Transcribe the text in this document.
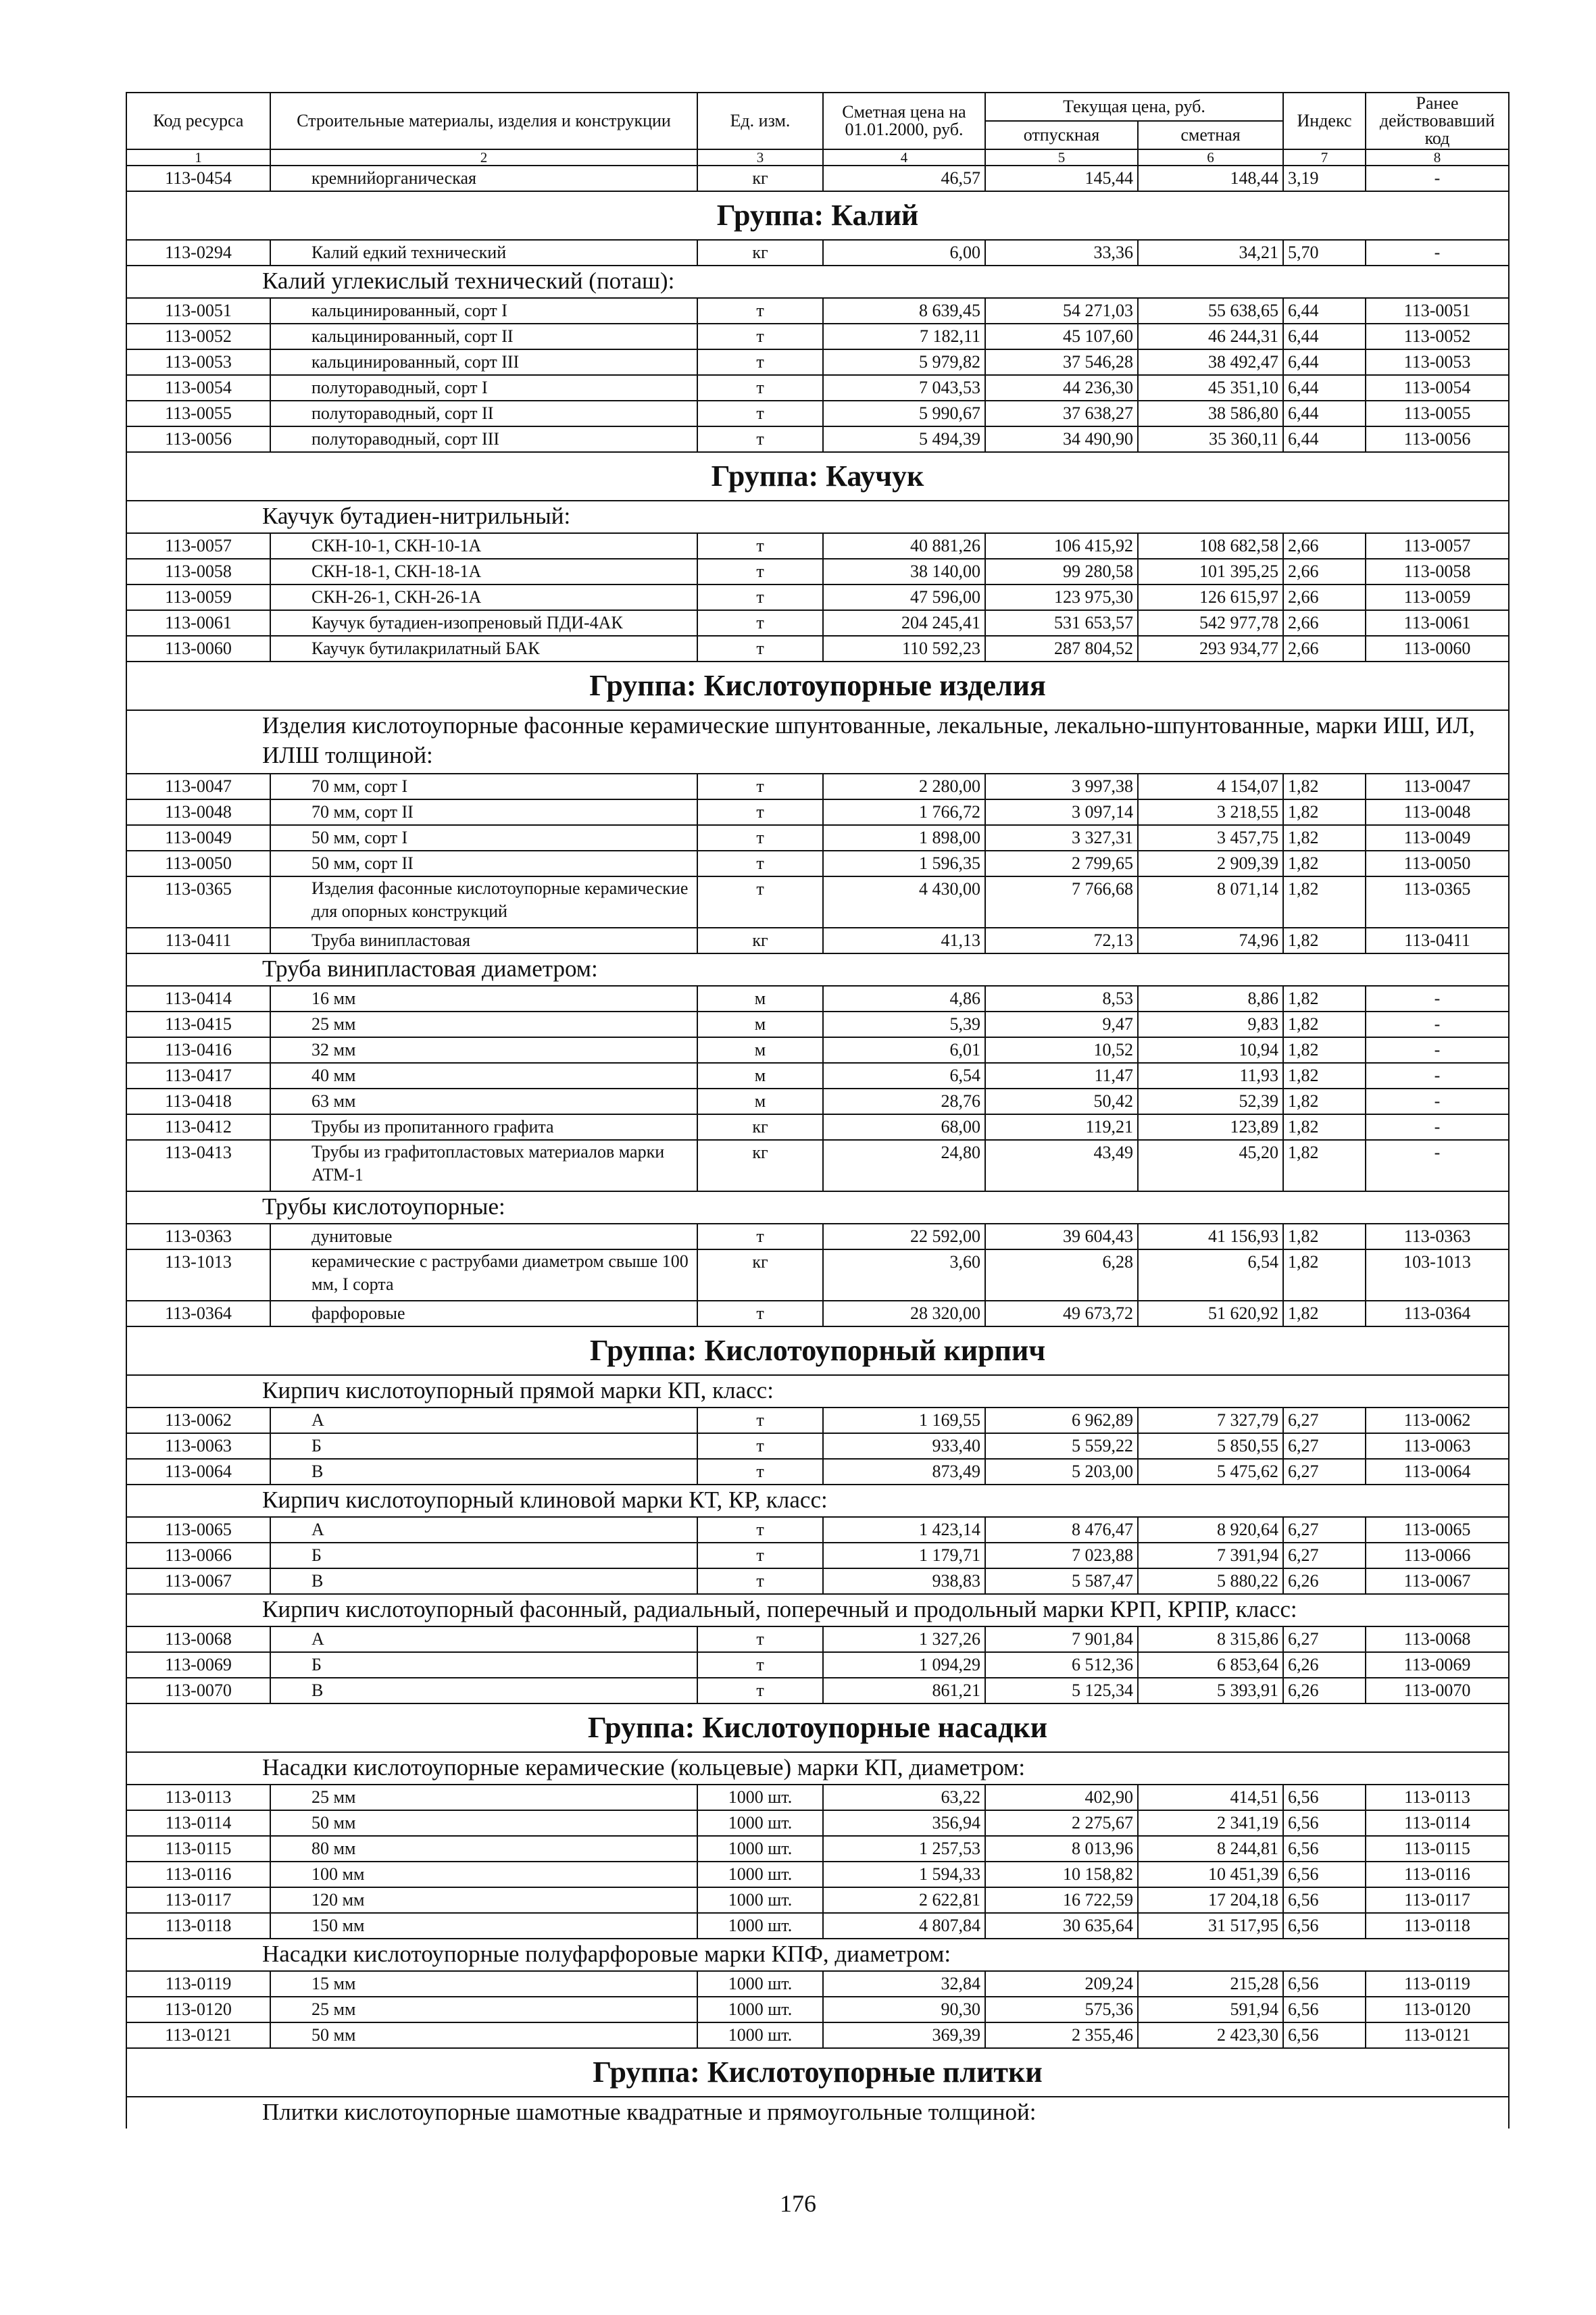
Код ресурса	Строительные материалы, изделия и конструкции	Ед. изм.	Сметная цена на 01.01.2000, руб.	Текущая цена, руб.		Индекс	Ранее действовавший код
				отпускная	сметная		
1	2	3	4	5	6	7	8
113-0454	кремнийорганическая	кг	46,57	145,44	148,44	3,19	-
Группа: Калий							
113-0294	Калий едкий технический	кг	6,00	33,36	34,21	5,70	-
Калий углекислый технический (поташ):							
113-0051	кальцинированный, сорт I	т	8 639,45	54 271,03	55 638,65	6,44	113-0051
113-0052	кальцинированный, сорт II	т	7 182,11	45 107,60	46 244,31	6,44	113-0052
113-0053	кальцинированный, сорт III	т	5 979,82	37 546,28	38 492,47	6,44	113-0053
113-0054	полутораводный, сорт I	т	7 043,53	44 236,30	45 351,10	6,44	113-0054
113-0055	полутораводный, сорт II	т	5 990,67	37 638,27	38 586,80	6,44	113-0055
113-0056	полутораводный, сорт III	т	5 494,39	34 490,90	35 360,11	6,44	113-0056
Группа: Каучук							
Каучук бутадиен-нитрильный:							
113-0057	СКН-10-1, СКН-10-1А	т	40 881,26	106 415,92	108 682,58	2,66	113-0057
113-0058	СКН-18-1, СКН-18-1А	т	38 140,00	99 280,58	101 395,25	2,66	113-0058
113-0059	СКН-26-1, СКН-26-1А	т	47 596,00	123 975,30	126 615,97	2,66	113-0059
113-0061	Каучук бутадиен-изопреновый ПДИ-4АК	т	204 245,41	531 653,57	542 977,78	2,66	113-0061
113-0060	Каучук бутилакрилатный БАК	т	110 592,23	287 804,52	293 934,77	2,66	113-0060
Группа: Кислотоупорные изделия							
Изделия кислотоупорные фасонные керамические шпунтованные, лекальные, лекально-шпунтованные, марки ИШ, ИЛ, ИЛШ толщиной:							
113-0047	70 мм, сорт I	т	2 280,00	3 997,38	4 154,07	1,82	113-0047
113-0048	70 мм, сорт II	т	1 766,72	3 097,14	3 218,55	1,82	113-0048
113-0049	50 мм, сорт I	т	1 898,00	3 327,31	3 457,75	1,82	113-0049
113-0050	50 мм, сорт II	т	1 596,35	2 799,65	2 909,39	1,82	113-0050
113-0365	Изделия фасонные кислотоупорные керамические для опорных конструкций	т	4 430,00	7 766,68	8 071,14	1,82	113-0365
113-0411	Труба винипластовая	кг	41,13	72,13	74,96	1,82	113-0411
Труба винипластовая диаметром:							
113-0414	16 мм	м	4,86	8,53	8,86	1,82	-
113-0415	25 мм	м	5,39	9,47	9,83	1,82	-
113-0416	32 мм	м	6,01	10,52	10,94	1,82	-
113-0417	40 мм	м	6,54	11,47	11,93	1,82	-
113-0418	63 мм	м	28,76	50,42	52,39	1,82	-
113-0412	Трубы из пропитанного графита	кг	68,00	119,21	123,89	1,82	-
113-0413	Трубы из графитопластовых материалов марки АТМ-1	кг	24,80	43,49	45,20	1,82	-
Трубы кислотоупорные:							
113-0363	дунитовые	т	22 592,00	39 604,43	41 156,93	1,82	113-0363
113-1013	керамические с раструбами диаметром свыше 100 мм, I сорта	кг	3,60	6,28	6,54	1,82	103-1013
113-0364	фарфоровые	т	28 320,00	49 673,72	51 620,92	1,82	113-0364
Группа: Кислотоупорный кирпич							
Кирпич кислотоупорный прямой марки КП, класс:							
113-0062	А	т	1 169,55	6 962,89	7 327,79	6,27	113-0062
113-0063	Б	т	933,40	5 559,22	5 850,55	6,27	113-0063
113-0064	В	т	873,49	5 203,00	5 475,62	6,27	113-0064
Кирпич кислотоупорный клиновой марки КТ, КР, класс:							
113-0065	А	т	1 423,14	8 476,47	8 920,64	6,27	113-0065
113-0066	Б	т	1 179,71	7 023,88	7 391,94	6,27	113-0066
113-0067	В	т	938,83	5 587,47	5 880,22	6,26	113-0067
Кирпич кислотоупорный фасонный, радиальный, поперечный и продольный марки КРП, КРПР, класс:							
113-0068	А	т	1 327,26	7 901,84	8 315,86	6,27	113-0068
113-0069	Б	т	1 094,29	6 512,36	6 853,64	6,26	113-0069
113-0070	В	т	861,21	5 125,34	5 393,91	6,26	113-0070
Группа: Кислотоупорные насадки							
Насадки кислотоупорные керамические (кольцевые) марки КП, диаметром:							
113-0113	25 мм	1000 шт.	63,22	402,90	414,51	6,56	113-0113
113-0114	50 мм	1000 шт.	356,94	2 275,67	2 341,19	6,56	113-0114
113-0115	80 мм	1000 шт.	1 257,53	8 013,96	8 244,81	6,56	113-0115
113-0116	100 мм	1000 шт.	1 594,33	10 158,82	10 451,39	6,56	113-0116
113-0117	120 мм	1000 шт.	2 622,81	16 722,59	17 204,18	6,56	113-0117
113-0118	150 мм	1000 шт.	4 807,84	30 635,64	31 517,95	6,56	113-0118
Насадки кислотоупорные полуфарфоровые марки КПФ, диаметром:							
113-0119	15 мм	1000 шт.	32,84	209,24	215,28	6,56	113-0119
113-0120	25 мм	1000 шт.	90,30	575,36	591,94	6,56	113-0120
113-0121	50 мм	1000 шт.	369,39	2 355,46	2 423,30	6,56	113-0121
Группа: Кислотоупорные плитки							
Плитки кислотоупорные шамотные квадратные и прямоугольные толщиной:							
176
